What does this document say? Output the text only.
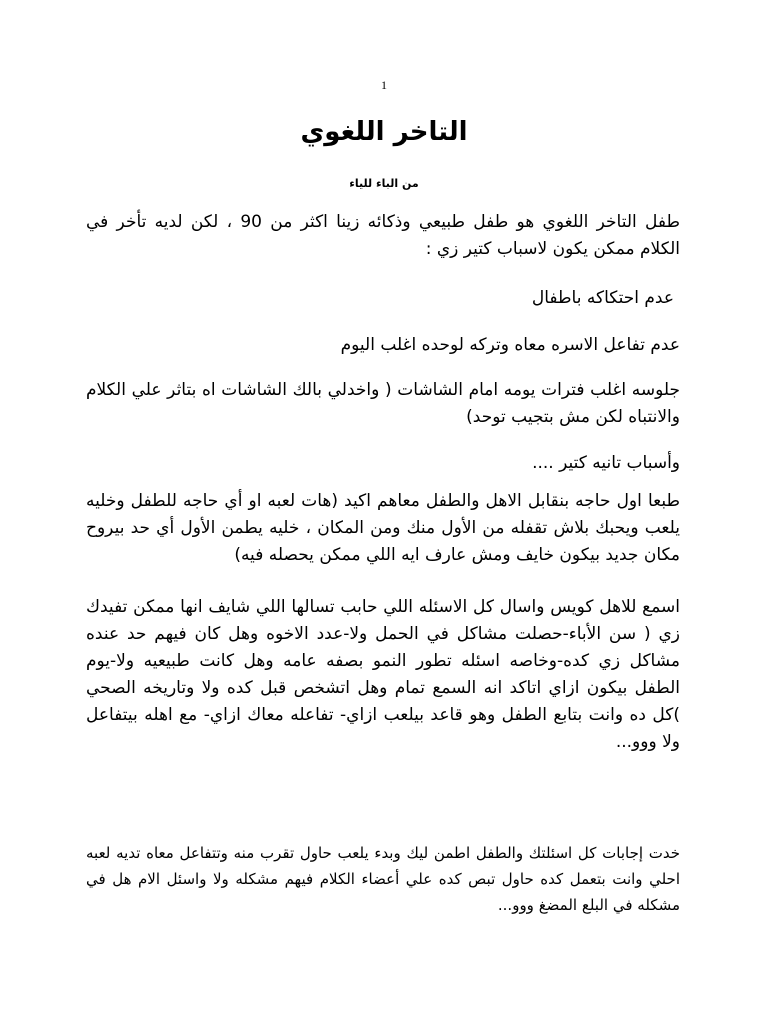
1
التاخر اللغوي
من الباء للياء

طفل التاخر اللغوي هو طفل طبيعي وذكائه زينا اكثر من 90 ، لكن لديه تأخر في الكلام ممكن يكون لاسباب كتير زي :

عدم احتكاكه باطفال

عدم تفاعل الاسره معاه وتركه لوحده اغلب اليوم

جلوسه اغلب فترات يومه امام الشاشات ( واخدلي بالك الشاشات اه بتاثر علي الكلام والانتباه لكن مش بتجيب توحد)

وأسباب تانيه كتير ....

طبعا اول حاجه بنقابل الاهل والطفل معاهم اكيد (هات لعبه او أي حاجه للطفل وخليه يلعب ويحبك بلاش تقفله من الأول منك ومن المكان ، خليه يطمن الأول أي حد بيروح مكان جديد بيكون خايف ومش عارف ايه اللي ممكن يحصله فيه)

اسمع للاهل كويس واسال كل الاسئله اللي حابب تسالها اللي شايف انها ممكن تفيدك زي ( سن الأباء-حصلت مشاكل في الحمل ولا-عدد الاخوه وهل كان فيهم حد عنده مشاكل زي كده-وخاصه اسئله تطور النمو بصفه عامه وهل كانت طبيعيه ولا-يوم الطفل بيكون ازاي اتاكد انه السمع تمام وهل اتشخص قبل كده ولا وتاريخه الصحي )كل ده وانت بتابع الطفل وهو قاعد بيلعب ازاي- تفاعله معاك ازاي- مع اهله بيتفاعل ولا ووو...

خدت إجابات كل اسئلتك والطفل اطمن ليك وبدء يلعب حاول تقرب منه وتتفاعل معاه تديه لعبه احلي وانت بتعمل كده حاول تبص كده علي أعضاء الكلام فيهم مشكله ولا واسئل الام هل في مشكله في البلع المضغ ووو...
